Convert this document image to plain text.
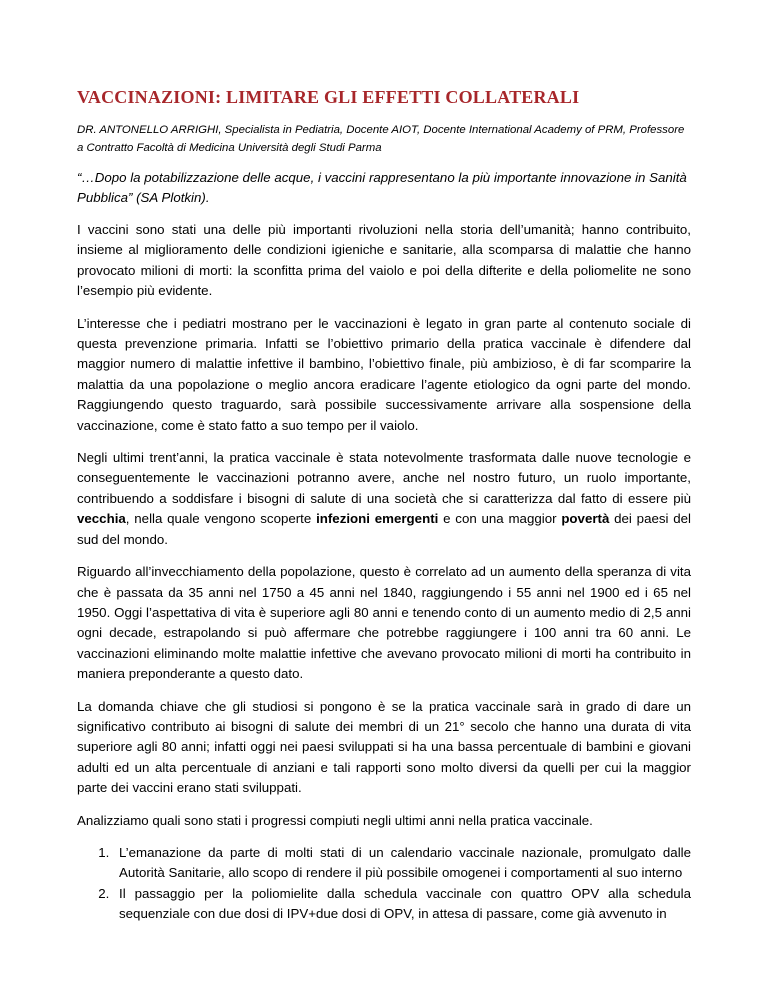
VACCINAZIONI: LIMITARE GLI EFFETTI COLLATERALI

DR. ANTONELLO ARRIGHI, Specialista in Pediatria, Docente AIOT, Docente International Academy of PRM, Professore a Contratto Facoltà di Medicina Università degli Studi Parma

“…Dopo la potabilizzazione delle acque, i vaccini rappresentano la più importante innovazione in Sanità Pubblica” (SA Plotkin).

I vaccini sono stati una delle più importanti rivoluzioni nella storia dell’umanità; hanno contribuito, insieme al miglioramento delle condizioni igieniche e sanitarie, alla scomparsa di malattie che hanno provocato milioni di morti: la sconfitta prima del vaiolo e poi della difterite e della poliomelite ne sono l’esempio più evidente.

L’interesse che i pediatri mostrano per le vaccinazioni è legato in gran parte al contenuto sociale di questa prevenzione primaria. Infatti se l’obiettivo primario della pratica vaccinale è difendere dal maggior numero di malattie infettive il bambino, l’obiettivo finale, più ambizioso, è di far scomparire la malattia da una popolazione o meglio ancora eradicare l’agente etiologico da ogni parte del mondo. Raggiungendo questo traguardo, sarà possibile successivamente arrivare alla sospensione della vaccinazione, come è stato fatto a suo tempo per il vaiolo.

Negli ultimi trent’anni, la pratica vaccinale è stata notevolmente trasformata dalle nuove tecnologie e conseguentemente le vaccinazioni potranno avere, anche nel nostro futuro, un ruolo importante, contribuendo a soddisfare i bisogni di salute di una società che si caratterizza dal fatto di essere più vecchia, nella quale vengono scoperte infezioni emergenti e con una maggior povertà dei paesi del sud del mondo.

Riguardo all’invecchiamento della popolazione, questo è correlato ad un aumento della speranza di vita che è passata da 35 anni nel 1750 a 45 anni nel 1840, raggiungendo i 55 anni nel 1900 ed i 65 nel 1950. Oggi l’aspettativa di vita è superiore agli 80 anni e tenendo conto di un aumento medio di 2,5 anni ogni decade, estrapolando si può affermare che potrebbe raggiungere i 100 anni tra 60 anni. Le vaccinazioni eliminando molte malattie infettive che avevano provocato milioni di morti ha contribuito in maniera preponderante a questo dato.

La domanda chiave che gli studiosi si pongono è se la pratica vaccinale sarà in grado di dare un significativo contributo ai bisogni di salute dei membri di un 21° secolo che hanno una durata di vita superiore agli 80 anni; infatti oggi nei paesi sviluppati si ha una bassa percentuale di bambini e giovani adulti ed un alta percentuale di anziani e tali rapporti sono molto diversi da quelli per cui la maggior parte dei vaccini erano stati sviluppati.

Analizziamo quali sono stati i progressi compiuti negli ultimi anni nella pratica vaccinale.

1. L’emanazione da parte di molti stati di un calendario vaccinale nazionale, promulgato dalle Autorità Sanitarie, allo scopo di rendere il più possibile omogenei i comportamenti al suo interno
2. Il passaggio per la poliomielite dalla schedula vaccinale con quattro OPV alla schedula sequenziale con due dosi di IPV+due dosi di OPV, in attesa di passare, come già avvenuto in
